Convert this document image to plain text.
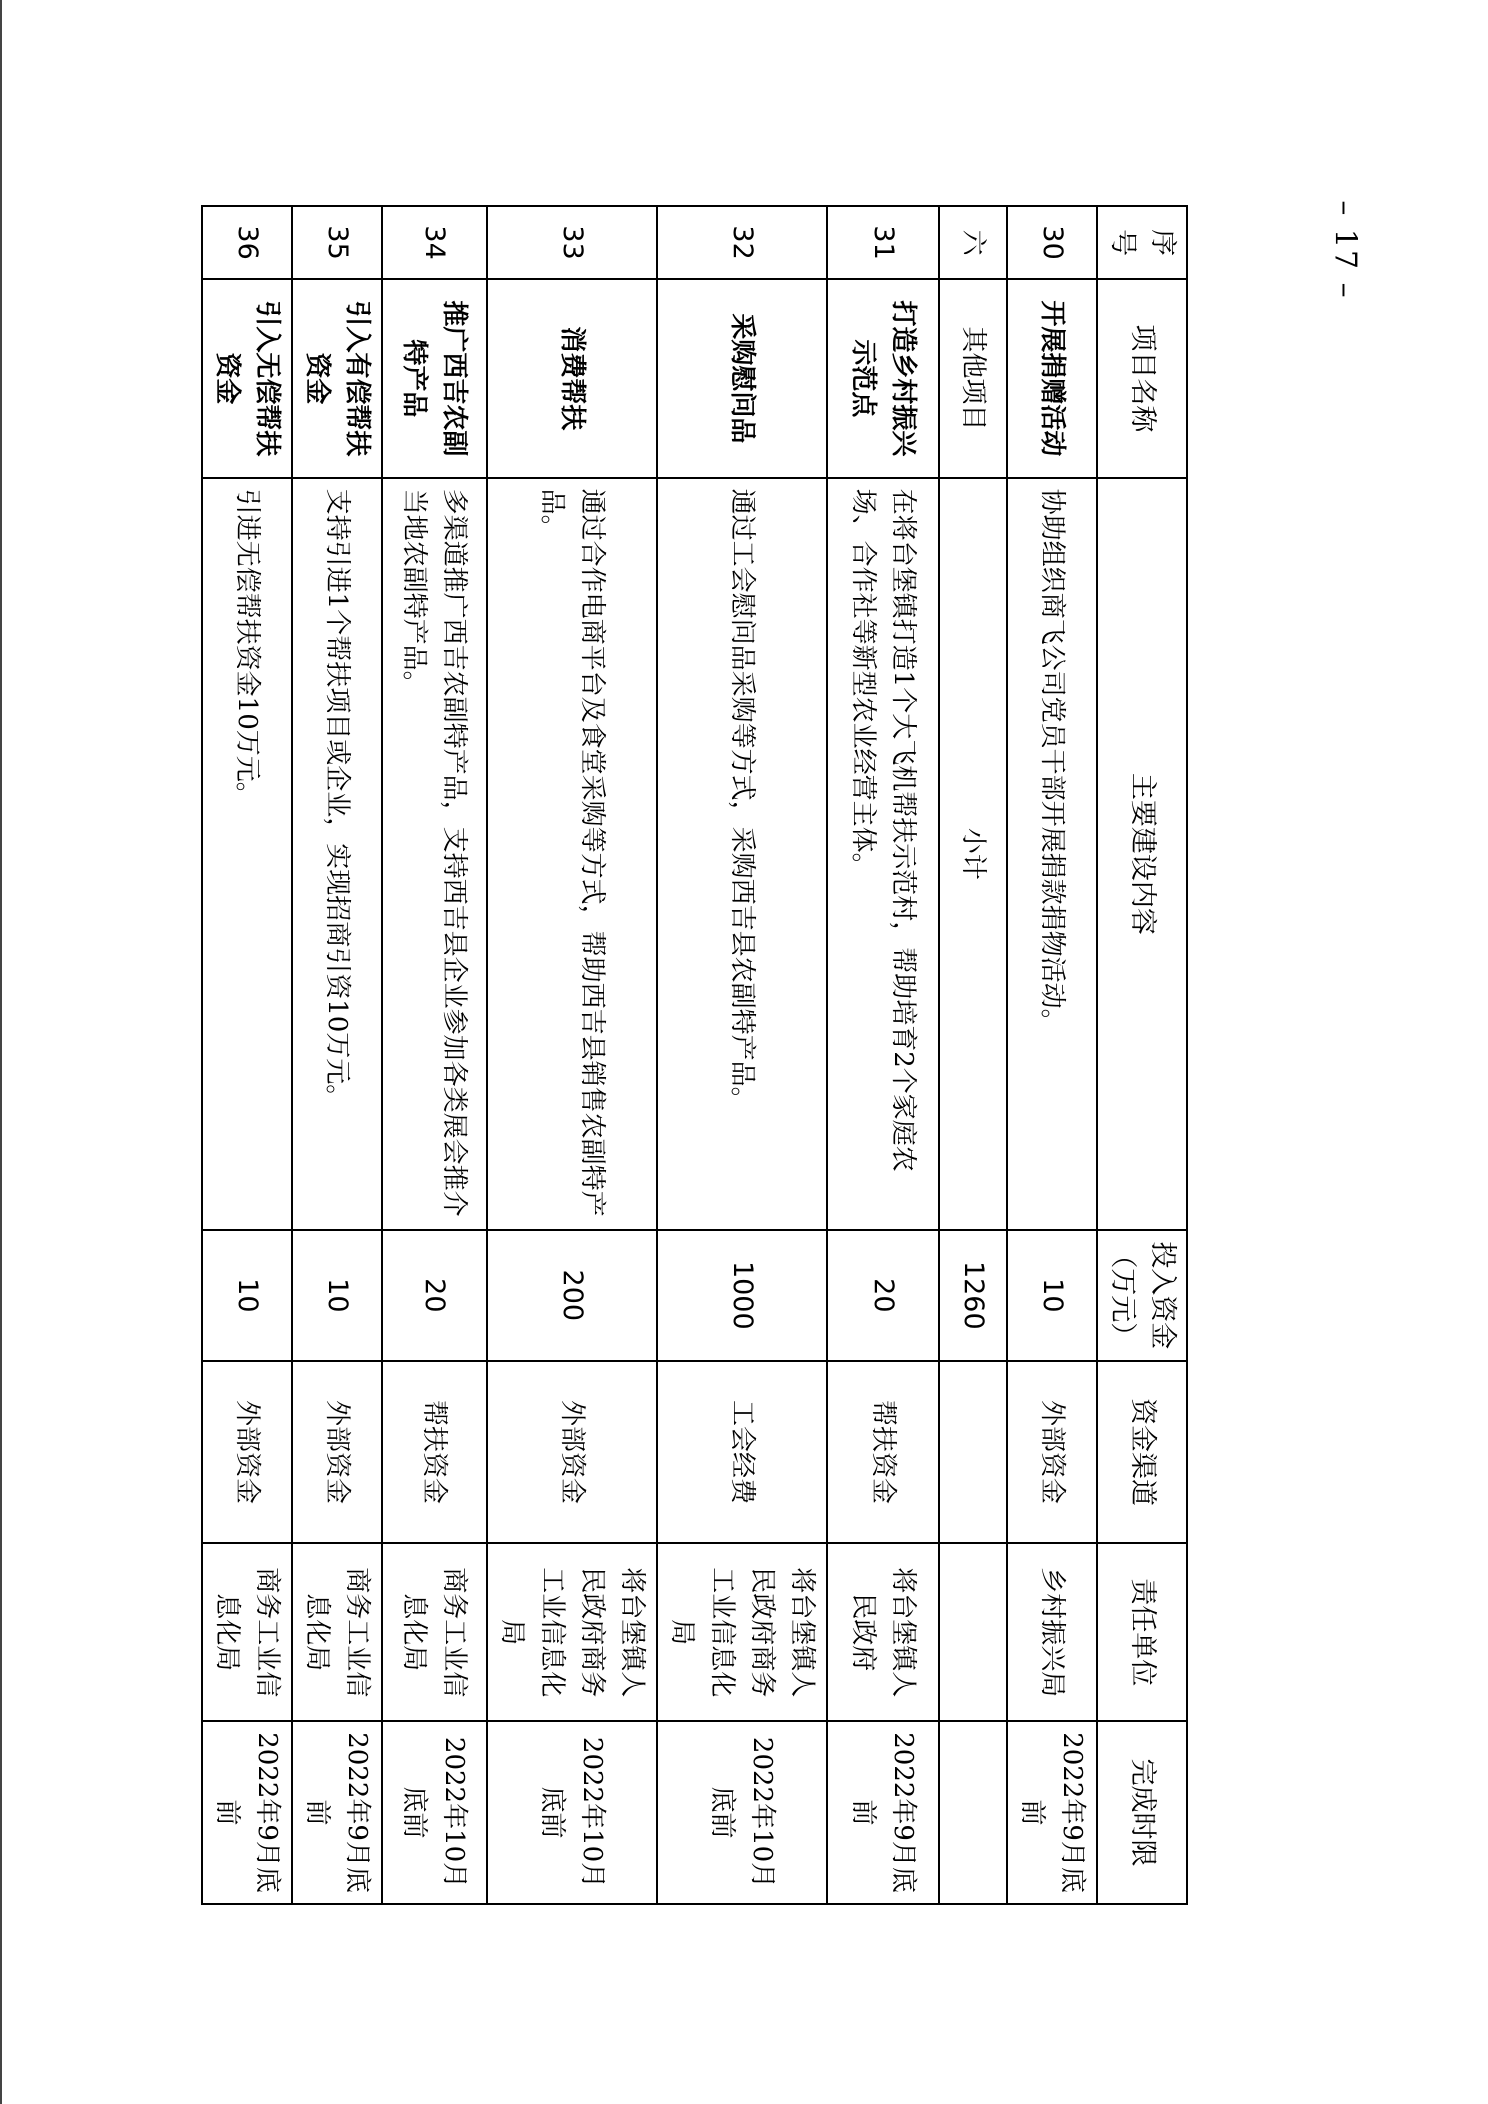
– 17 –
序号	项目名称	主要建设内容	投入资金（万元）	资金渠道	责任单位	完成时限
30	开展捐赠活动	协助组织商飞公司党员干部开展捐款捐物活动。	10	外部资金	乡村振兴局	2022年9月底前
六	其他项目	小计	1260			
31	打造乡村振兴示范点	在将台堡镇打造1个大飞机帮扶示范村，帮助培育2个家庭农场、合作社等新型农业经营主体。	20	帮扶资金	将台堡镇人民政府	2022年9月底前
32	采购慰问品	通过工会慰问品采购等方式，采购西吉县农副特产品。	1000	工会经费	将台堡镇人民政府商务工业信息化局	2022年10月底前
33	消费帮扶	通过合作电商平台及食堂采购等方式，帮助西吉县销售农副特产品。	200	外部资金	将台堡镇人民政府商务工业信息化局	2022年10月底前
34	推广西吉农副特产品	多渠道推广西吉农副特产品，支持西吉县企业参加各类展会推介当地农副特产品。	20	帮扶资金	商务工业信息化局	2022年10月底前
35	引入有偿帮扶资金	支持引进1个帮扶项目或企业，实现招商引资10万元。	10	外部资金	商务工业信息化局	2022年9月底前
36	引入无偿帮扶资金	引进无偿帮扶资金10万元。	10	外部资金	商务工业信息化局	2022年9月底前
